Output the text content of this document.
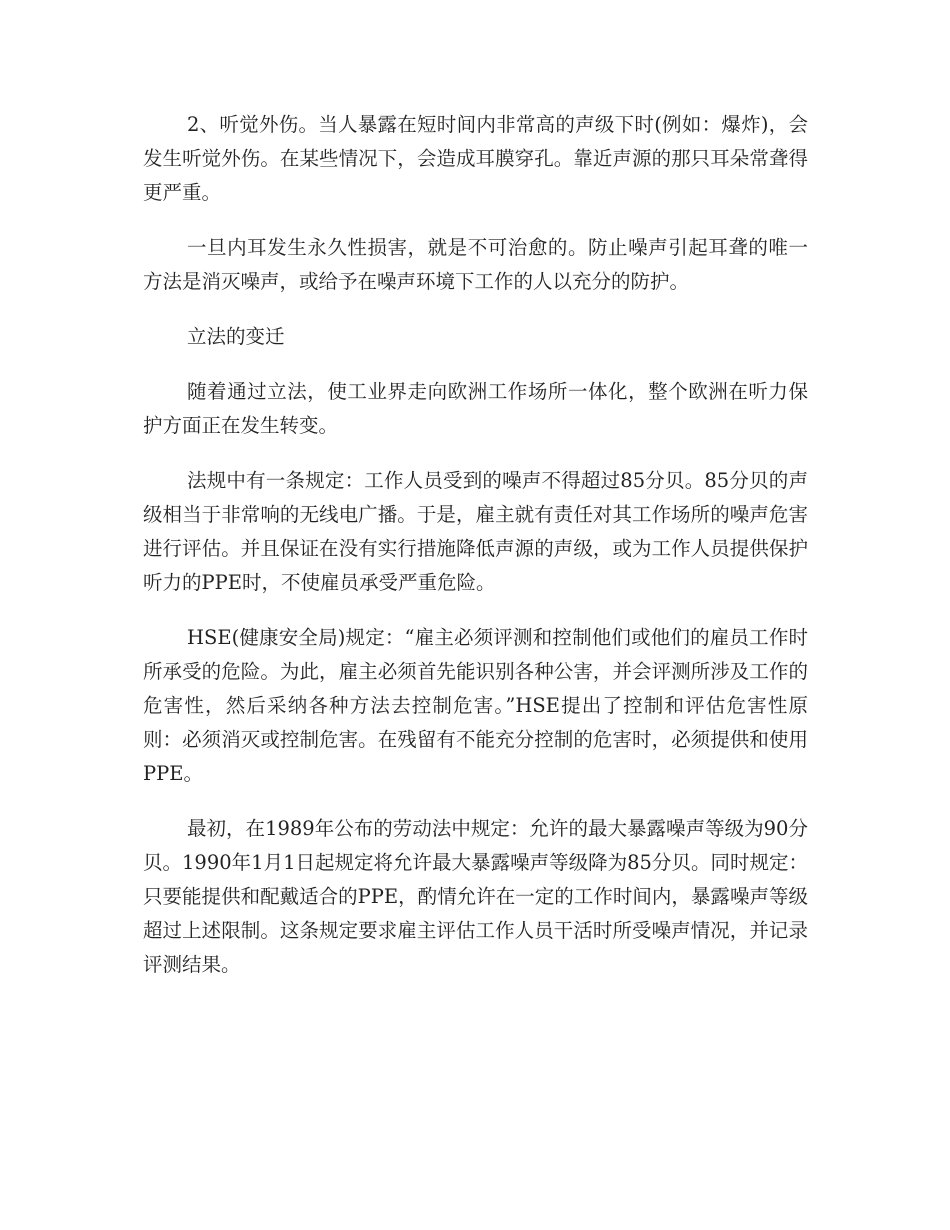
2、听觉外伤。当人暴露在短时间内非常高的声级下时(例如：爆炸)，会发生听觉外伤。在某些情况下，会造成耳膜穿孔。靠近声源的那只耳朵常聋得更严重。

一旦内耳发生永久性损害，就是不可治愈的。防止噪声引起耳聋的唯一方法是消灭噪声，或给予在噪声环境下工作的人以充分的防护。

立法的变迁

随着通过立法，使工业界走向欧洲工作场所一体化，整个欧洲在听力保护方面正在发生转变。

法规中有一条规定：工作人员受到的噪声不得超过85分贝。85分贝的声级相当于非常响的无线电广播。于是，雇主就有责任对其工作场所的噪声危害进行评估。并且保证在没有实行措施降低声源的声级，或为工作人员提供保护听力的PPE时，不使雇员承受严重危险。

HSE(健康安全局)规定：“雇主必须评测和控制他们或他们的雇员工作时所承受的危险。为此，雇主必须首先能识别各种公害，并会评测所涉及工作的危害性，然后采纳各种方法去控制危害。”HSE提出了控制和评估危害性原则：必须消灭或控制危害。在残留有不能充分控制的危害时，必须提供和使用PPE。

最初，在1989年公布的劳动法中规定：允许的最大暴露噪声等级为90分贝。1990年1月1日起规定将允许最大暴露噪声等级降为85分贝。同时规定：只要能提供和配戴适合的PPE，酌情允许在一定的工作时间内，暴露噪声等级超过上述限制。这条规定要求雇主评估工作人员干活时所受噪声情况，并记录评测结果。
